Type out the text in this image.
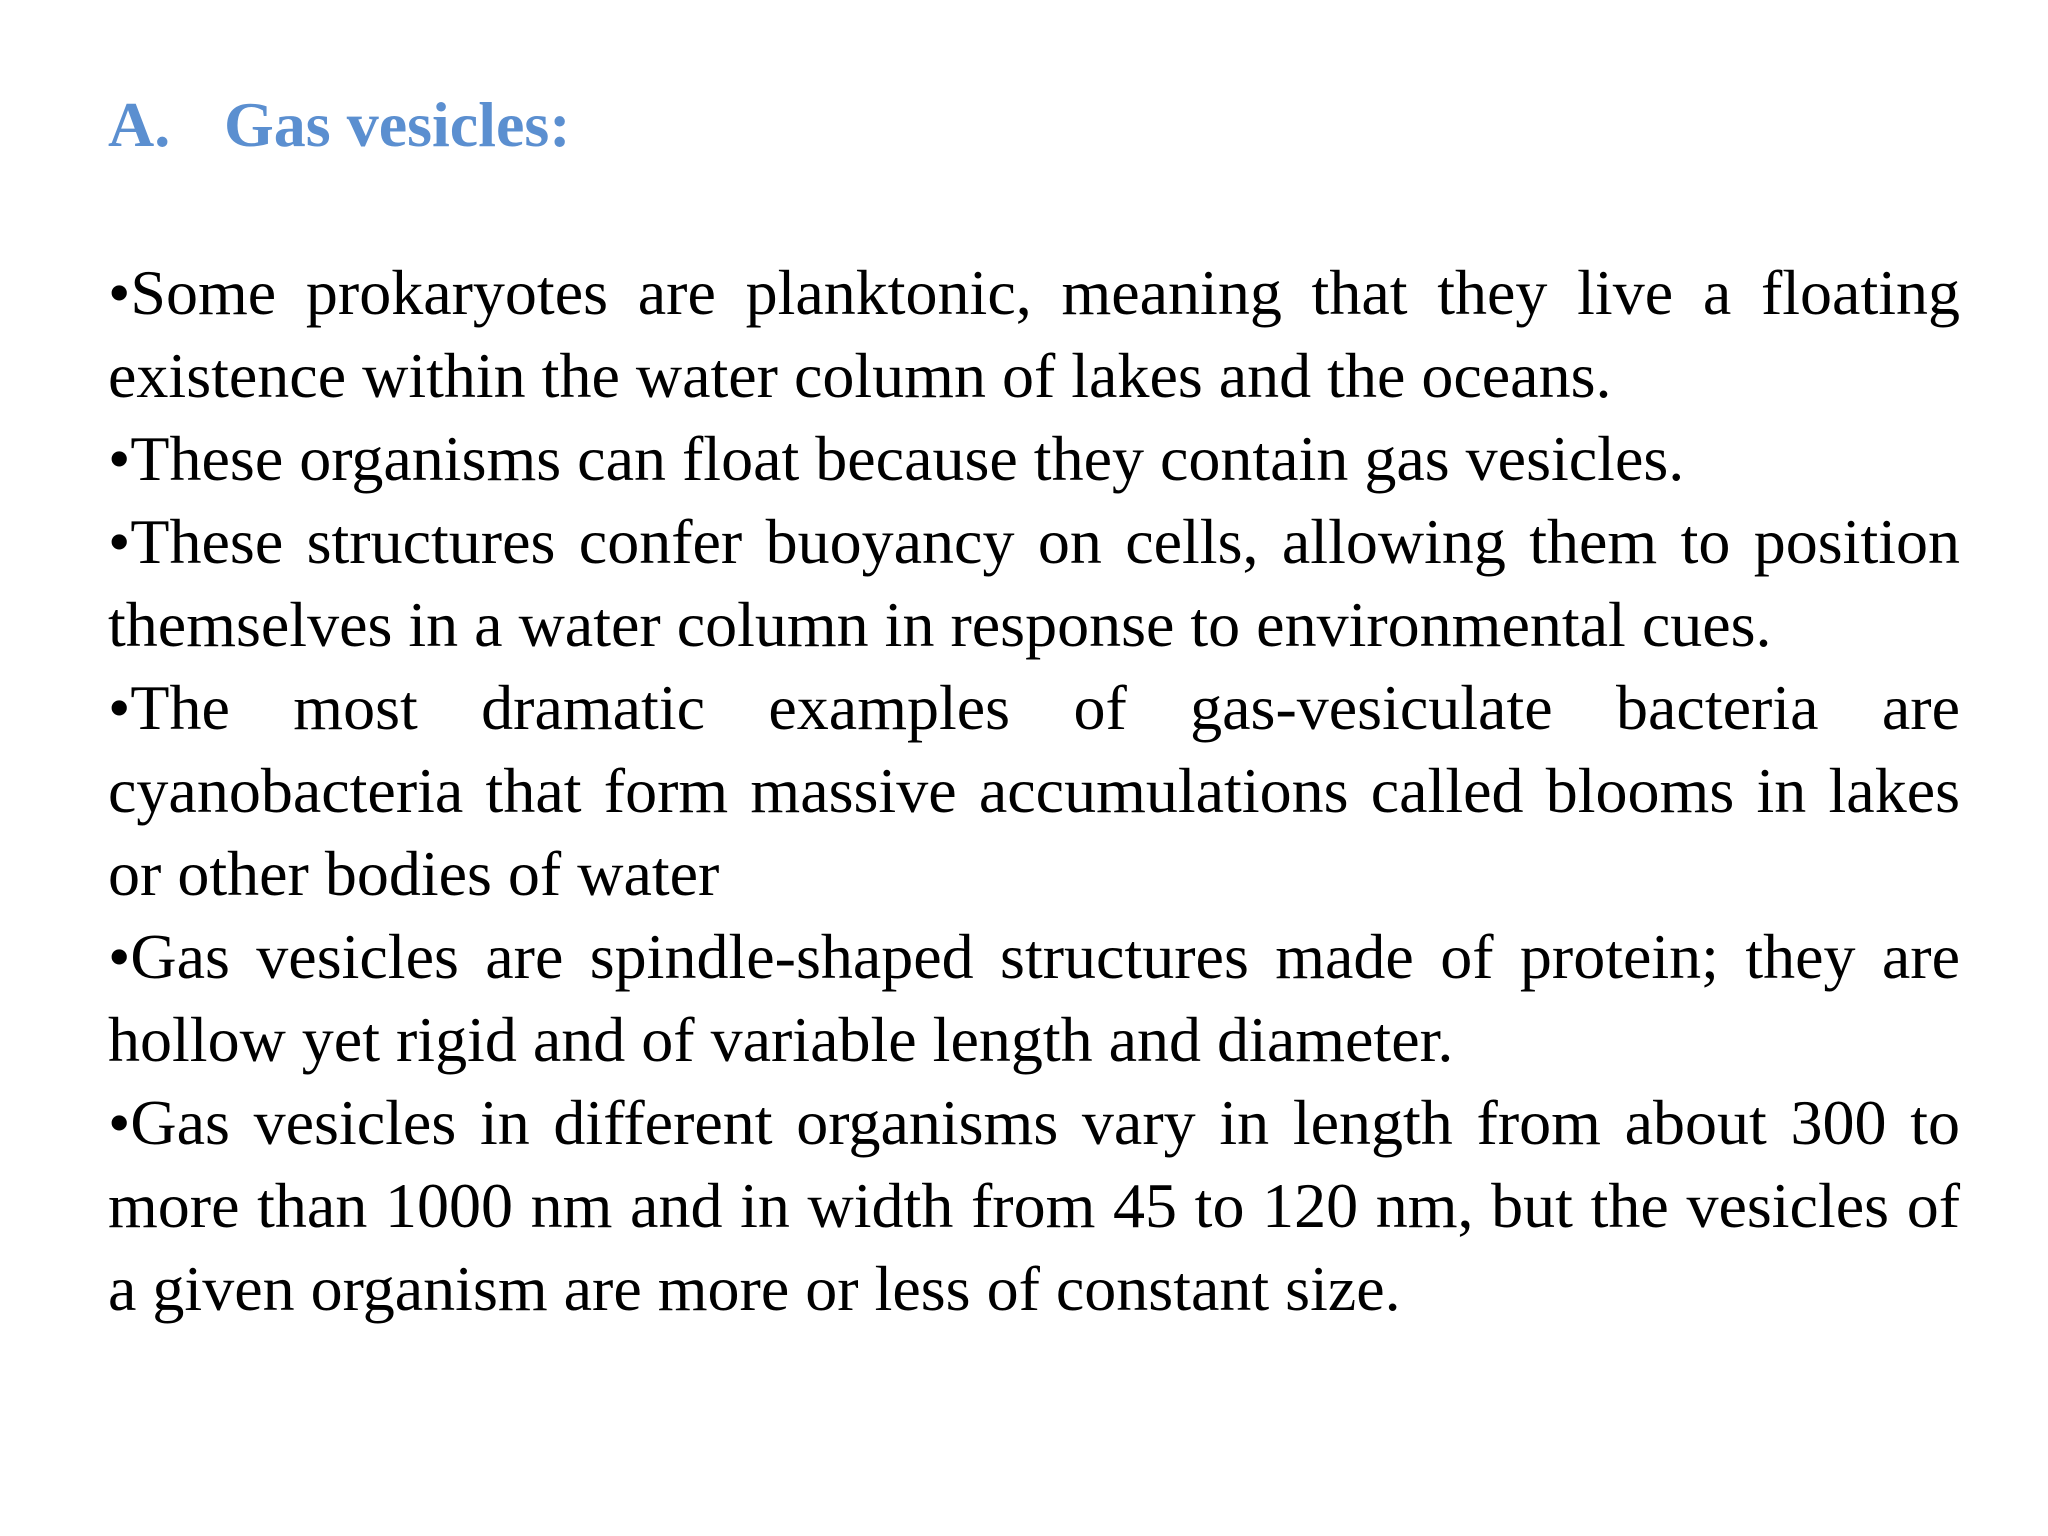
A. Gas vesicles:

•Some prokaryotes are planktonic, meaning that they live a floating existence within the water column of lakes and the oceans.

•These organisms can float because they contain gas vesicles.

•These structures confer buoyancy on cells, allowing them to position themselves in a water column in response to environmental cues.

•The most dramatic examples of gas-vesiculate bacteria are cyanobacteria that form massive accumulations called blooms in lakes or other bodies of water

•Gas vesicles are spindle-shaped structures made of protein; they are hollow yet rigid and of variable length and diameter.

•Gas vesicles in different organisms vary in length from about 300 to more than 1000 nm and in width from 45 to 120 nm, but the vesicles of a given organism are more or less of constant size.
